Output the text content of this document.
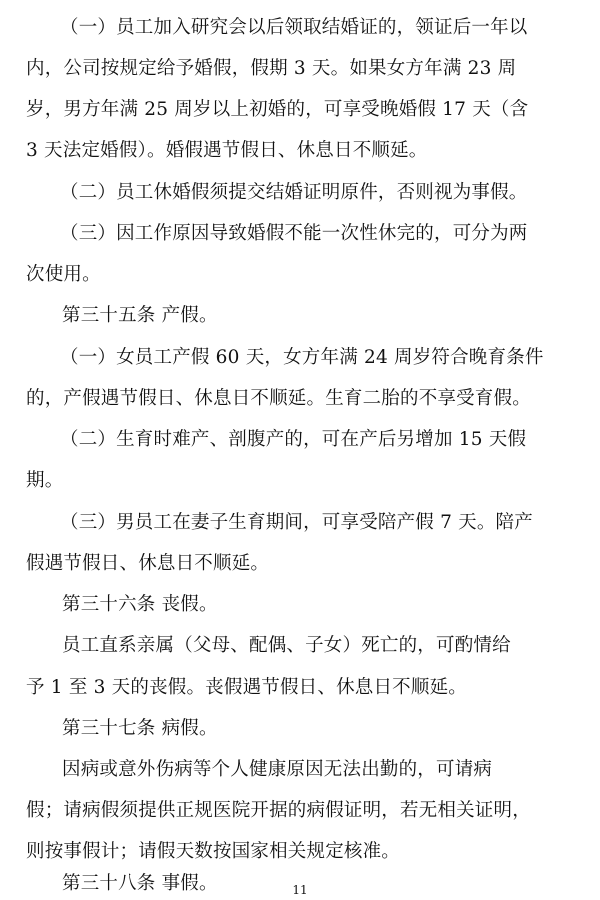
（一）员工加入研究会以后领取结婚证的，领证后一年以
内，公司按规定给予婚假，假期 3 天。如果女方年满 23 周
岁，男方年满 25 周岁以上初婚的，可享受晚婚假 17 天（含
3 天法定婚假）。婚假遇节假日、休息日不顺延。
（二）员工休婚假须提交结婚证明原件，否则视为事假。
（三）因工作原因导致婚假不能一次性休完的，可分为两
次使用。
第三十五条 产假。
（一）女员工产假 60 天，女方年满 24 周岁符合晚育条件
的，产假遇节假日、休息日不顺延。生育二胎的不享受育假。
（二）生育时难产、剖腹产的，可在产后另增加 15 天假
期。
（三）男员工在妻子生育期间，可享受陪产假 7 天。陪产
假遇节假日、休息日不顺延。
第三十六条 丧假。
员工直系亲属（父母、配偶、子女）死亡的，可酌情给
予 1 至 3 天的丧假。丧假遇节假日、休息日不顺延。
第三十七条 病假。
因病或意外伤病等个人健康原因无法出勤的，可请病
假；请病假须提供正规医院开据的病假证明，若无相关证明，
则按事假计；请假天数按国家相关规定核准。
第三十八条 事假。	11
